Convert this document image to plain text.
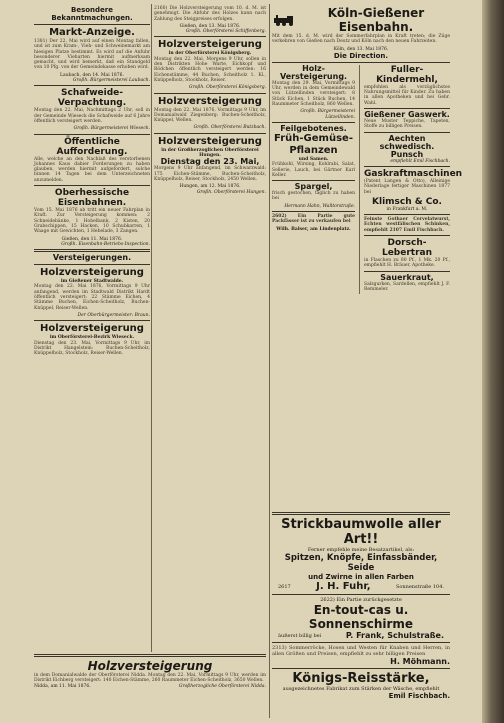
Besondere Bekanntmachungen.
Markt-Anzeige.
1381) Der 22. Mai wird auf einen Montag fallen, und ist zum Kram-, Vieh- und Schweinemarkt am hiesigen Platze bestimmt. Es wird auf die Anfuhr besonderer Vieharten hiermit aufmerksam gemacht, und wird bemerkt, daß ein Standgeld von 10 Pfg. von der Gemeindekasse erhoben wird.
Laubach, den 14. Mai 1876.
Großh. Bürgermeisterei Laubach.
Schafweide-Verpachtung.
Montag den 22. Mai, Nachmittags 2 Uhr, soll in der Gemeinde Wieseck die Schafweide auf 6 Jahre öffentlich versteigert werden.
Großh. Bürgermeisterei Wieseck.
Öffentliche Aufforderung.
Alle, welche an den Nachlaß des verstorbenen Johannes Kaus dahier Forderungen zu haben glauben, werden hiermit aufgefordert, solche binnen 14 Tagen bei dem Unterzeichneten anzumelden.
Oberhessische Eisenbahnen.
Vom 15. Mai 1876 ab tritt ein neuer Fahrplan in Kraft. Zur Versteigerung kommen: 2 Schneidebänke, 1 Hobelbank, 2 Kisten, 20 Grabschippen, 15 Hacken, 10 Schubkarren, 1 Waage mit Gewichten, 1 Hebelade, 3 Zangen.
Gießen, den 11. Mai 1876.
Großh. Eisenbahn-Betriebs-Inspection.
Versteigerungen.
Holzversteigerung
im Gießener Stadtwalde.
Montag den 22. Mai 1876, Vormittags 9 Uhr anfangend, werden im Stadtwald Distrikt Hardt öffentlich versteigert: 22 Stämme Eichen, 4 Stämme Buchen, Eichen-Scheitholz, Buchen-Knüppel, Reiser-Wellen.
Der Oberbürgermeister: Braun.
Holzversteigerung
im Oberförsterei-Bezirk Wieseck.
Dienstag den 23. Mai, Vormittags 9 Uhr, im Distrikt Hangelstein: Buchen-Scheitholz, Knüppelholz, Stockholz, Reiser-Wellen.
2160) Die Holzversteigerung vom 10. d. M. ist genehmigt. Die Abfuhr des Holzes kann nach Zahlung des Steigpreises erfolgen.
Gießen, den 13. Mai 1876.
Großh. Oberförsterei Schiffenberg.
Holzversteigerung
in der Oberförsterei Königsberg.
Montag den 22. Mai, Morgens 9 Uhr, sollen in den Distrikten Hohe Warte, Eichkopf und Rödchen öffentlich versteigert werden: 16 Eichenstämme, 44 Buchen, Scheitholz 1. Kl., Knüppelholz, Stockholz, Reiser.
Großh. Oberförsterei Königsberg.
Holzversteigerung
Montag den 22. Mai 1876, Vormittags 9 Uhr, im Domanialwald Ziegenberg: Buchen-Scheitholz, Knüppel, Wellen.
Großh. Oberförsterei Butzbach.
Holzversteigerung
in der Großherzoglichen Oberförsterei Hungen.
Dienstag den 23. Mai,
Morgens 9 Uhr anfangend, im Schwarzwald: 175 Eichen-Stämme, Buchen-Scheitholz, Knüppelholz, Reiser, Stockholz, 2450 Wellen.
Hungen, am 12. Mai 1876.
Großh. Oberförsterei Hungen.
Köln-Gießener Eisenbahn.
Mit dem 15. d. M. wird der Sommerfahrplan in Kraft treten; die Züge verkehren von Gießen nach Deutz und Köln nach den neuen Fahrzeiten.
Köln, den 13. Mai 1876.
Die Direction.
Holz-Versteigerung.
Montag den 29. Mai, Vormittags 9 Uhr, werden in dem Gemeindewald von Lützellinden versteigert: 8 Stück Eichen, 1 Stück Buchen, 14 Raummeter Scheitholz, 860 Wellen.
Großh. Bürgermeisterei Lützellinden.
Feilgebotenes.
Früh-Gemüse-Pflanzen
und Samen.
Frühkohl, Wirsing, Kohlrabi, Salat, Sellerie, Lauch, bei Gärtner Karl Keller.
Spargel,
frisch gestochen, täglich zu haben bei
Hermann Hahn, Walltorstraße.
2602) Ein Partie gute Packfässer ist zu verkaufen bei
Wilh. Balser, am Lindenplatz.
Fuller-Kindermehl,
empfohlen als vorzüglichstes Nahrungsmittel für Kinder. Zu haben in allen Apotheken und bei Gebr. Wahl.
Gießener Gaswerk.
Neue Muster Teppiche, Tapeten, Stoffe zu billigen Preisen.
Aechten schwedisch. Punsch
empfiehlt Emil Fischbach.
Gaskraftmaschinen
(Patent Langen & Otto), Alleinige Niederlage fertiger Maschinen 1877 bei
Klimsch & Co.
in Frankfurt a. M.
Feinste Gothaer Cervelatwurst, Echten westfälischen Schinken, empfiehlt 2107 Emil Fischbach.
Dorsch-Lebertran
in Flaschen zu 80 Pf., 1 Mk. 20 Pf., empfiehlt H. Bräuer, Apotheke.
Sauerkraut,
Salzgurken, Sardellen, empfiehlt J. F. Remmeler.
Strickbaumwolle aller Art!!
Ferner empfehle meine Besatzartikel, als:
Spitzen, Knöpfe, Einfassbänder, Seide
und Zwirne in allen Farben
2617	J. H. Fuhr,	Sonnenstraße 104.
2622) Ein Partie zurückgesetzte
En-tout-cas u. Sonnenschirme
äußerst billig bei	P. Frank, Schulstraße.
2313) Sommerröcke, Hosen und Westen für Knaben und Herren, in allen Größen und Preisen, empfiehlt zu sehr billigen Preisen
H. Möhmann.
Königs-Reisstärke,
ausgezeichnetes Fabrikat zum Stärken der Wäsche, empfiehlt
Emil Fischbach.
Holzversteigerung
in dem Domanialwalde der Oberförsterei Nidda. Montag den 22. Mai, Vormittags 9 Uhr, werden im Distrikt Eichberg versteigert: 140 Eichen-Stämme, 260 Raummeter Eichen-Scheitholz, 3650 Wellen.
Nidda, am 11. Mai 1876.	Großherzogliche Oberförsterei Nidda.
